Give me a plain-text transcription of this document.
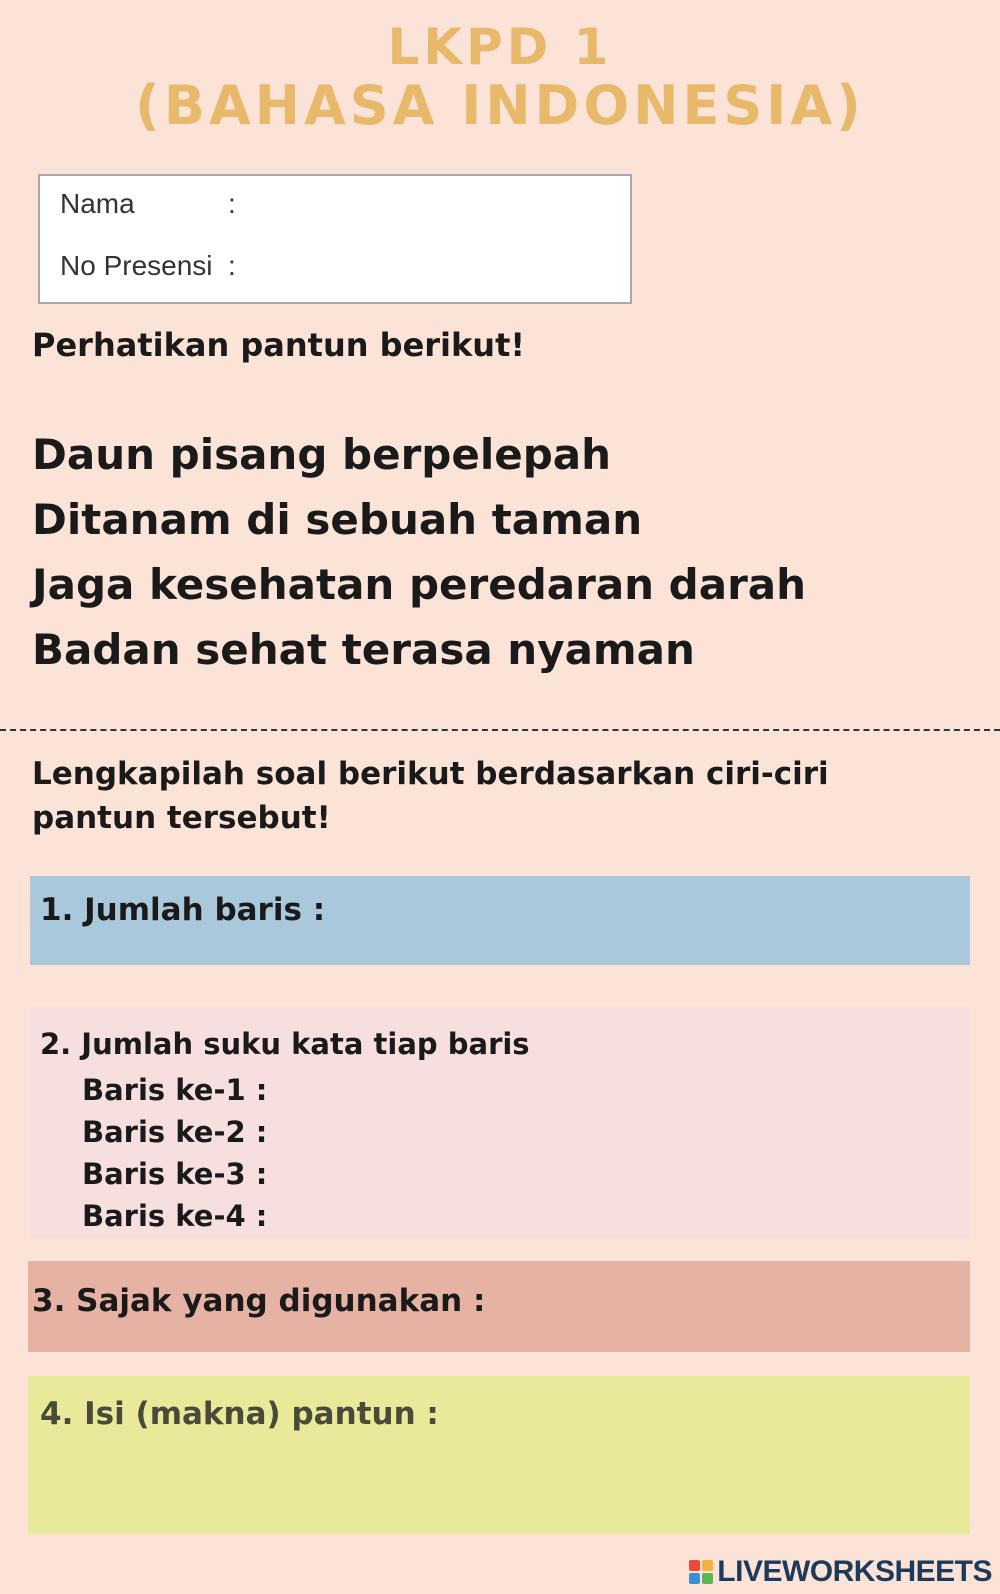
LKPD 1
(BAHASA INDONESIA)
Nama	:
No Presensi :

Perhatikan pantun berikut!

Daun pisang berpelepah
Ditanam di sebuah taman
Jaga kesehatan peredaran darah
Badan sehat terasa nyaman

Lengkapilah soal berikut berdasarkan ciri-ciri pantun tersebut!

1. Jumlah baris :
2. Jumlah suku kata tiap baris
Baris ke-1 :
Baris ke-2 :
Baris ke-3 :
Baris ke-4 :
3. Sajak yang digunakan :
4. Isi (makna) pantun :
LIVEWORKSHEETS
